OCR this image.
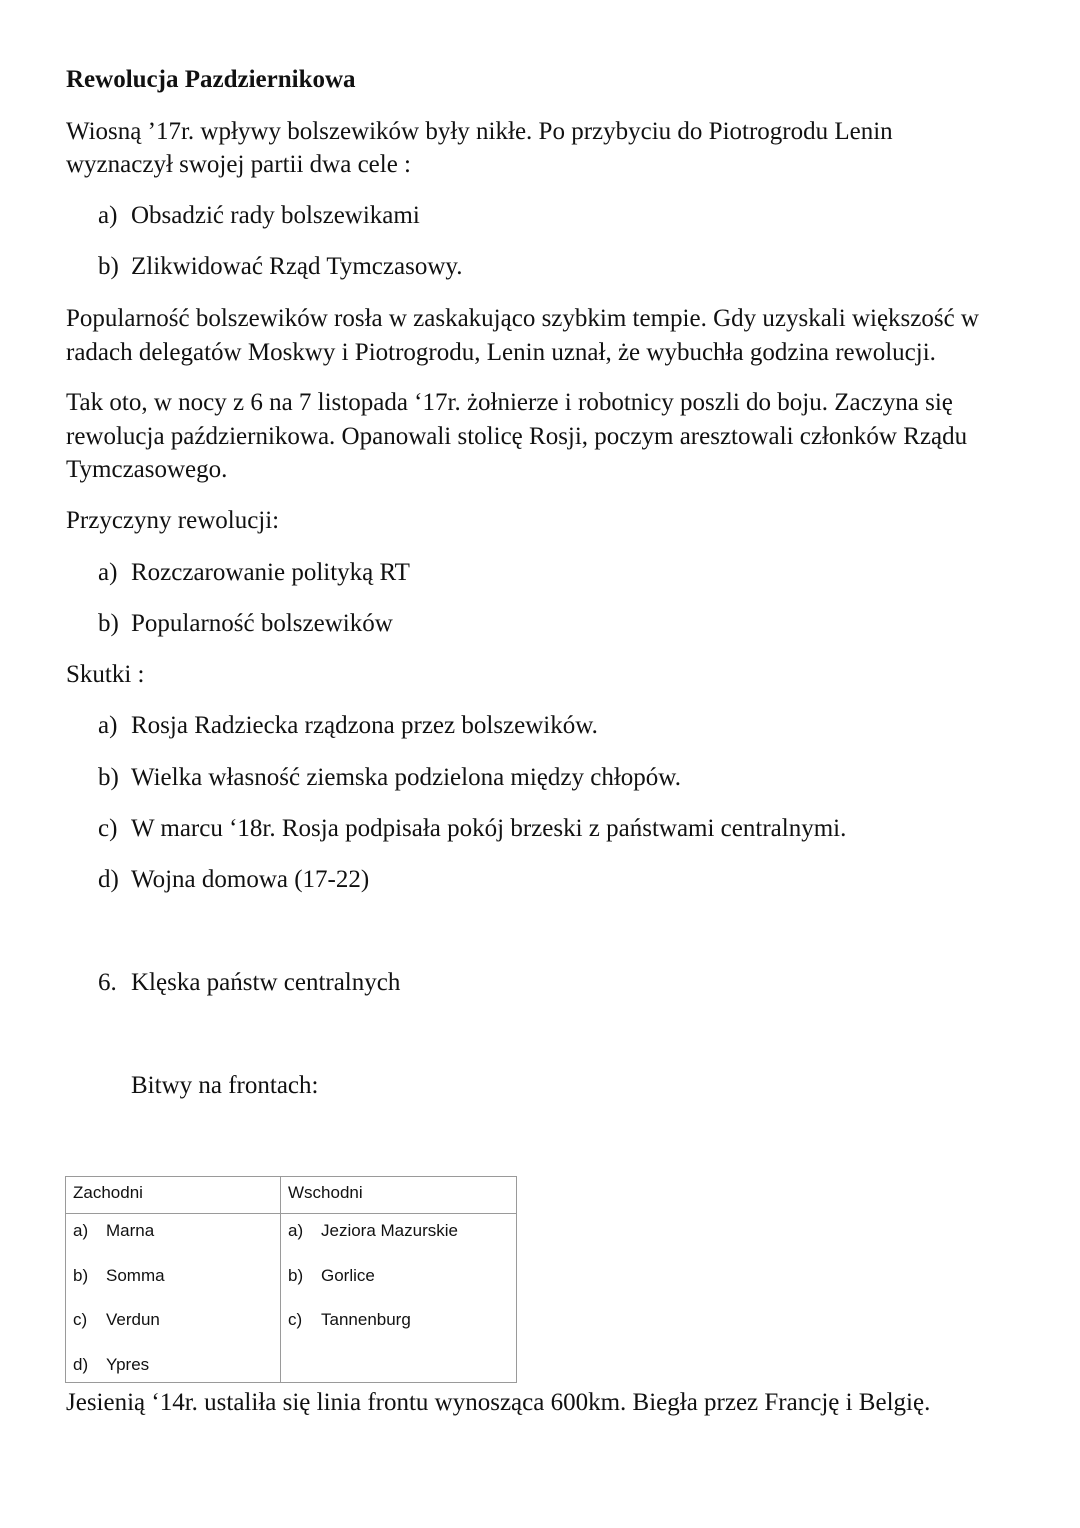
Rewolucja Pazdziernikowa
Wiosną ’17r. wpływy bolszewików były nikłe. Po przybyciu do Piotrogrodu Lenin
wyznaczył swojej partii dwa cele :
a) Obsadzić rady bolszewikami
b) Zlikwidować Rząd Tymczasowy.
Popularność bolszewików rosła w zaskakująco szybkim tempie. Gdy uzyskali większość w
radach delegatów Moskwy i Piotrogrodu, Lenin uznał, że wybuchła godzina rewolucji.
Tak oto, w nocy z 6 na 7 listopada ‘17r. żołnierze i robotnicy poszli do boju. Zaczyna się
rewolucja październikowa. Opanowali stolicę Rosji, poczym aresztowali członków Rządu
Tymczasowego.
Przyczyny rewolucji:
a) Rozczarowanie polityką RT
b) Popularność bolszewików
Skutki :
a) Rosja Radziecka rządzona przez bolszewików.
b) Wielka własność ziemska podzielona między chłopów.
c) W marcu ‘18r. Rosja podpisała pokój brzeski z państwami centralnymi.
d) Wojna domowa (17-22)
6. Klęska państw centralnych
Bitwy na frontach:
Zachodni	Wschodni

a) Marna
b) Somma
c) Verdun
d) Ypres

a) Jeziora Mazurskie
b) Gorlice
c) Tannenburg
Jesienią ‘14r. ustaliła się linia frontu wynosząca 600km. Biegła przez Francję i Belgię.
